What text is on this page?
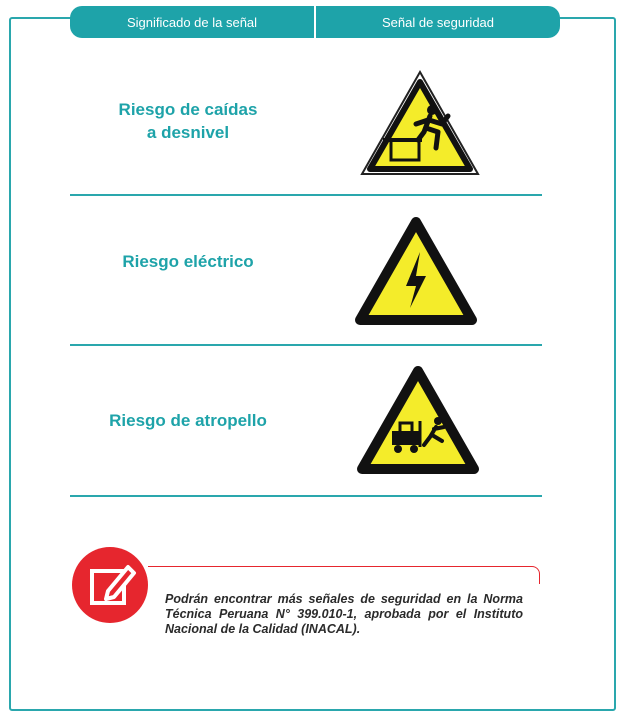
Significado de la señal	Señal de seguridad
Riesgo de caídas
a desnivel
Riesgo eléctrico
Riesgo de atropello
Podrán encontrar más señales de seguridad en la Norma Técnica Peruana N° 399.010-1, aprobada por el Instituto Nacional de la Calidad (INACAL).
